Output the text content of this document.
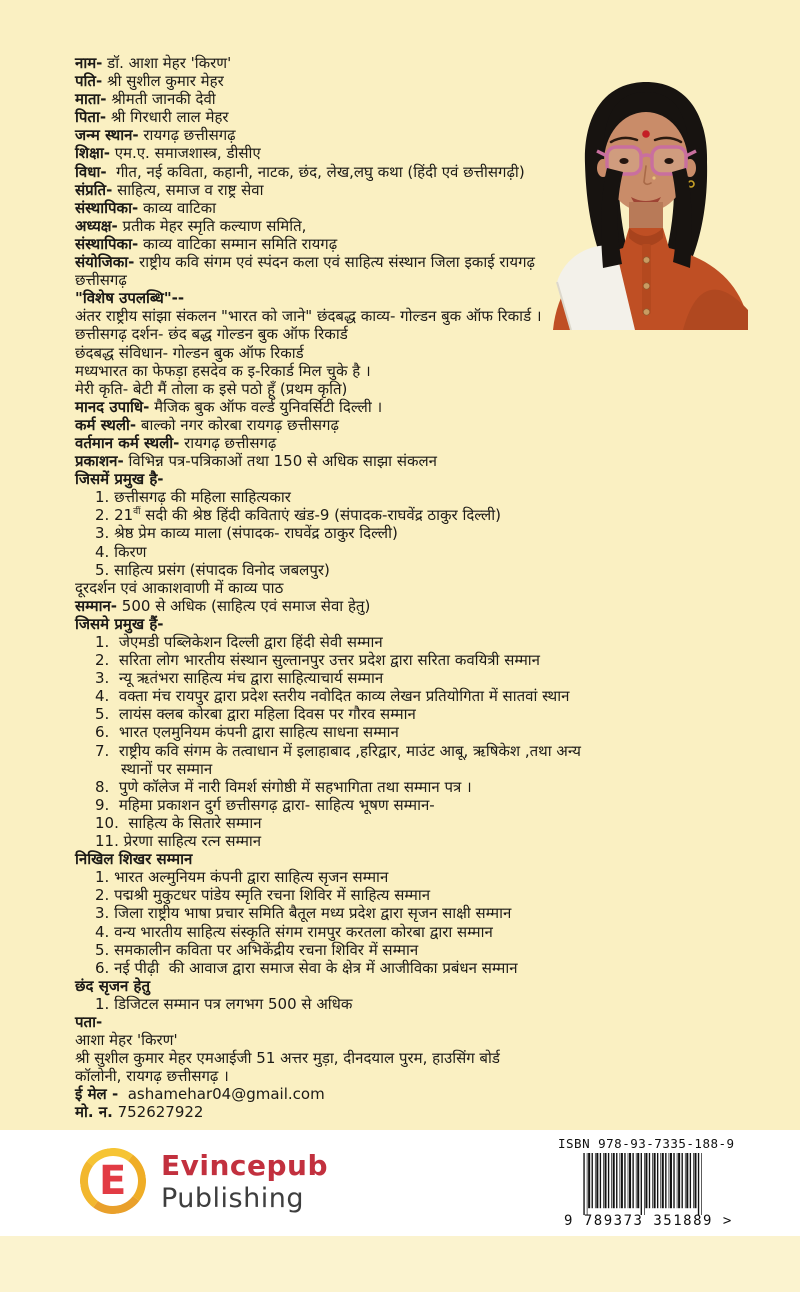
नाम- डॉ. आशा मेहर 'किरण'
पति- श्री सुशील कुमार मेहर
माता- श्रीमती जानकी देवी
पिता- श्री गिरधारी लाल मेहर
जन्म स्थान- रायगढ़ छत्तीसगढ़
शिक्षा- एम.ए. समाजशास्त्र, डीसीए
विधा-  गीत, नई कविता, कहानी, नाटक, छंद, लेख,लघु कथा (हिंदी एवं छत्तीसगढ़ी)
संप्रति- साहित्य, समाज व राष्ट्र सेवा
संस्थापिका- काव्य वाटिका
अध्यक्ष- प्रतीक मेहर स्मृति कल्याण समिति,
संस्थापिका- काव्य वाटिका सम्मान समिति रायगढ़
संयोजिका- राष्ट्रीय कवि संगम एवं स्पंदन कला एवं साहित्य संस्थान जिला इकाई रायगढ़
छत्तीसगढ़
"विशेष उपलब्धि"--
अंतर राष्ट्रीय सांझा संकलन "भारत को जाने" छंदबद्ध काव्य- गोल्डन बुक ऑफ रिकार्ड ।
छत्तीसगढ़ दर्शन- छंद बद्ध गोल्डन बुक ऑफ रिकार्ड
छंदबद्ध संविधान- गोल्डन बुक ऑफ रिकार्ड
मध्यभारत का फेफड़ा हसदेव क इ-रिकार्ड मिल चुके है ।
मेरी कृति- बेटी मैं तोला क इसे पठो हूँ (प्रथम कृति)
मानद उपाधि- मैजिक बुक ऑफ वर्ल्ड युनिवर्सिटी दिल्ली ।
कर्म स्थली- बाल्को नगर कोरबा रायगढ़ छत्तीसगढ़
वर्तमान कर्म स्थली- रायगढ़ छत्तीसगढ़
प्रकाशन- विभिन्न पत्र-पत्रिकाओं तथा 150 से अधिक साझा संकलन
जिसमें प्रमुख है-
1. छत्तीसगढ़ की महिला साहित्यकार
2. $21^{वीं}$ सदी की श्रेष्ठ हिंदी कविताएं खंड-9 (संपादक-राघवेंद्र ठाकुर दिल्ली)
3. श्रेष्ठ प्रेम काव्य माला (संपादक- राघवेंद्र ठाकुर दिल्ली)
4. किरण
5. साहित्य प्रसंग (संपादक विनोद जबलपुर)
दूरदर्शन एवं आकाशवाणी में काव्य पाठ
सम्मान- 500 से अधिक (साहित्य एवं समाज सेवा हेतु)
जिसमे प्रमुख हैं-
1.  जेएमडी पब्लिकेशन दिल्ली द्वारा हिंदी सेवी सम्मान
2.  सरिता लोग भारतीय संस्थान सुल्तानपुर उत्तर प्रदेश द्वारा सरिता कवयित्री सम्मान
3.  न्यू ऋतंभरा साहित्य मंच द्वारा साहित्याचार्य सम्मान
4.  वक्ता मंच रायपुर द्वारा प्रदेश स्तरीय नवोदित काव्य लेखन प्रतियोगिता में सातवां स्थान
5.  लायंस क्लब कोरबा द्वारा महिला दिवस पर गौरव सम्मान
6.  भारत एलमुनियम कंपनी द्वारा साहित्य साधना सम्मान
7.  राष्ट्रीय कवि संगम के तत्वाधान में इलाहाबाद ,हरिद्वार, माउंट आबू, ऋषिकेश ,तथा अन्य
स्थानों पर सम्मान
8.  पुणे कॉलेज में नारी विमर्श संगोष्ठी में सहभागिता तथा सम्मान पत्र ।
9.  महिमा प्रकाशन दुर्ग छत्तीसगढ़ द्वारा- साहित्य भूषण सम्मान-
10.  साहित्य के सितारे सम्मान
11. प्रेरणा साहित्य रत्न सम्मान
निखिल शिखर सम्मान
1. भारत अल्मुनियम कंपनी द्वारा साहित्य सृजन सम्मान
2. पद्मश्री मुकुटधर पांडेय स्मृति रचना शिविर में साहित्य सम्मान
3. जिला राष्ट्रीय भाषा प्रचार समिति बैतूल मध्य प्रदेश द्वारा सृजन साक्षी सम्मान
4. वन्य भारतीय साहित्य संस्कृति संगम रामपुर करतला कोरबा द्वारा सम्मान
5. समकालीन कविता पर अभिकेंद्रीय रचना शिविर में सम्मान
6. नई पीढ़ी  की आवाज द्वारा समाज सेवा के क्षेत्र में आजीविका प्रबंधन सम्मान
छंद सृजन हेतु
1. डिजिटल सम्मान पत्र लगभग 500 से अधिक
पता-
आशा मेहर 'किरण'
श्री सुशील कुमार मेहर एमआईजी 51 अत्तर मुड़ा, दीनदयाल पुरम, हाउसिंग बोर्ड
कॉलोनी, रायगढ़ छत्तीसगढ़ ।
ई मेल -  ashamehar04@gmail.com
मो. न. 752627922
E Evincepub
Publishing
ISBN 978-93-7335-188-9
9 789373 351889 >
